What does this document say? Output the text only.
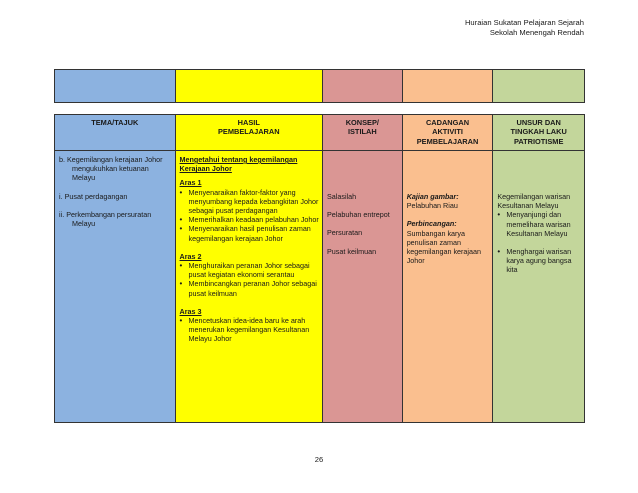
Huraian Sukatan Pelajaran Sejarah
Sekolah Menengah Rendah
TEMA/TAJUK	HASIL
PEMBELAJARAN
KONSEP/
ISTILAH
CADANGAN
AKTIVITI
PEMBELAJARAN
UNSUR DAN
TINGKAH LAKU
PATRIOTISME
b. Kegemilangan kerajaan Johor mengukuhkan ketuanan Melayu
i. Pusat perdagangan
ii. Perkembangan persuratan Melayu
Mengetahui tentang kegemilangan Kerajaan Johor
Aras 1
• Menyenaraikan faktor-faktor yang menyumbang kepada kebangkitan Johor sebagai pusat perdagangan
• Memerihalkan keadaan pelabuhan Johor
• Menyenaraikan hasil penulisan zaman kegemilangan kerajaan Johor
Aras 2
• Menghuraikan peranan Johor sebagai pusat kegiatan ekonomi serantau
• Membincangkan peranan Johor sebagai pusat keilmuan
Aras 3
• Mencetuskan idea-idea baru ke arah menerukan kegemilangan Kesultanan Melayu Johor
Salasilah
Pelabuhan entrepot
Persuratan
Pusat keilmuan
Kajian gambar:
Pelabuhan Riau
Perbincangan:
Sumbangan karya penulisan zaman kegemilangan kerajaan Johor
Kegemilangan warisan Kesultanan Melayu
• Menyanjungi dan memelihara warisan Kesultanan Melayu
• Menghargai warisan karya agung bangsa kita
26
